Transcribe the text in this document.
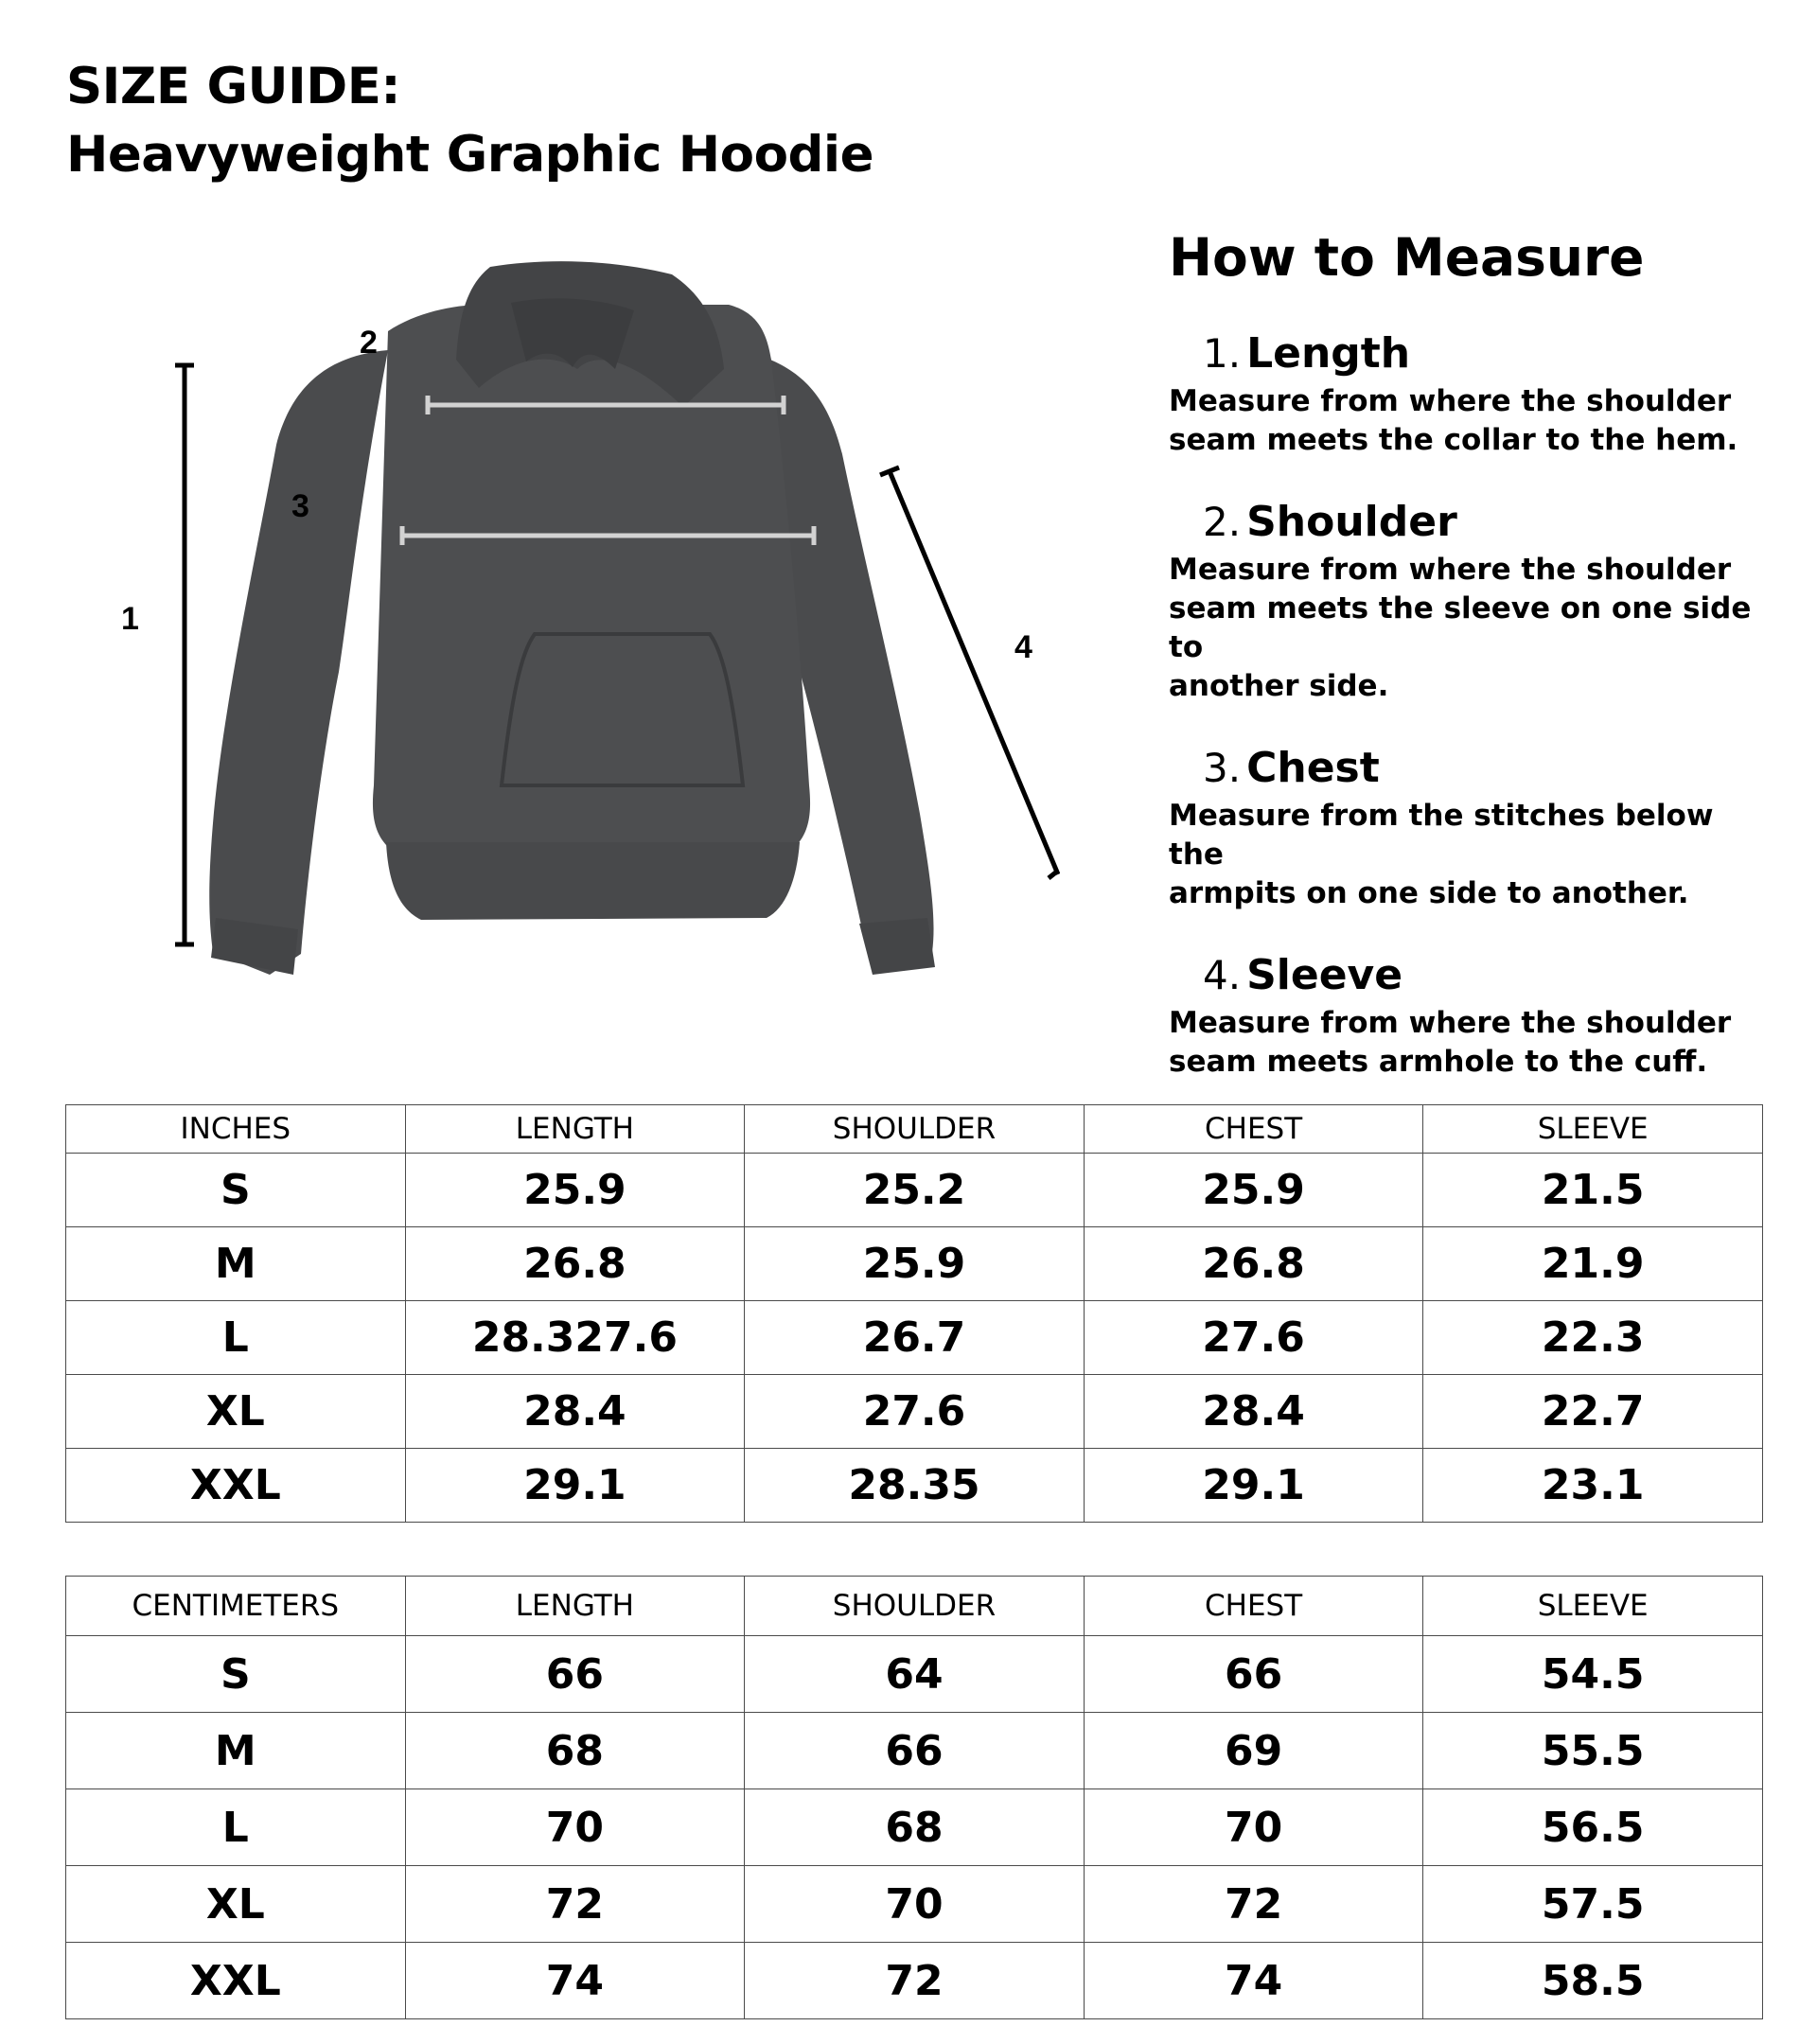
SIZE GUIDE:
Heavyweight Graphic Hoodie
1
2
3
4
How to Measure
1. Length
Measure from where the shoulder
seam meets the collar to the hem.
2. Shoulder
Measure from where the shoulder
seam meets the sleeve on one side to
another side.
3. Chest
Measure from the stitches below the
armpits on one side to another.
4. Sleeve
Measure from where the shoulder
seam meets armhole to the cuff.
INCHES	LENGTH	SHOULDER	CHEST	SLEEVE
S	25.9	25.2	25.9	21.5
M	26.8	25.9	26.8	21.9
L	28.327.6	26.7	27.6	22.3
XL	28.4	27.6	28.4	22.7
XXL	29.1	28.35	29.1	23.1
CENTIMETERS	LENGTH	SHOULDER	CHEST	SLEEVE
S	66	64	66	54.5
M	68	66	69	55.5
L	70	68	70	56.5
XL	72	70	72	57.5
XXL	74	72	74	58.5
